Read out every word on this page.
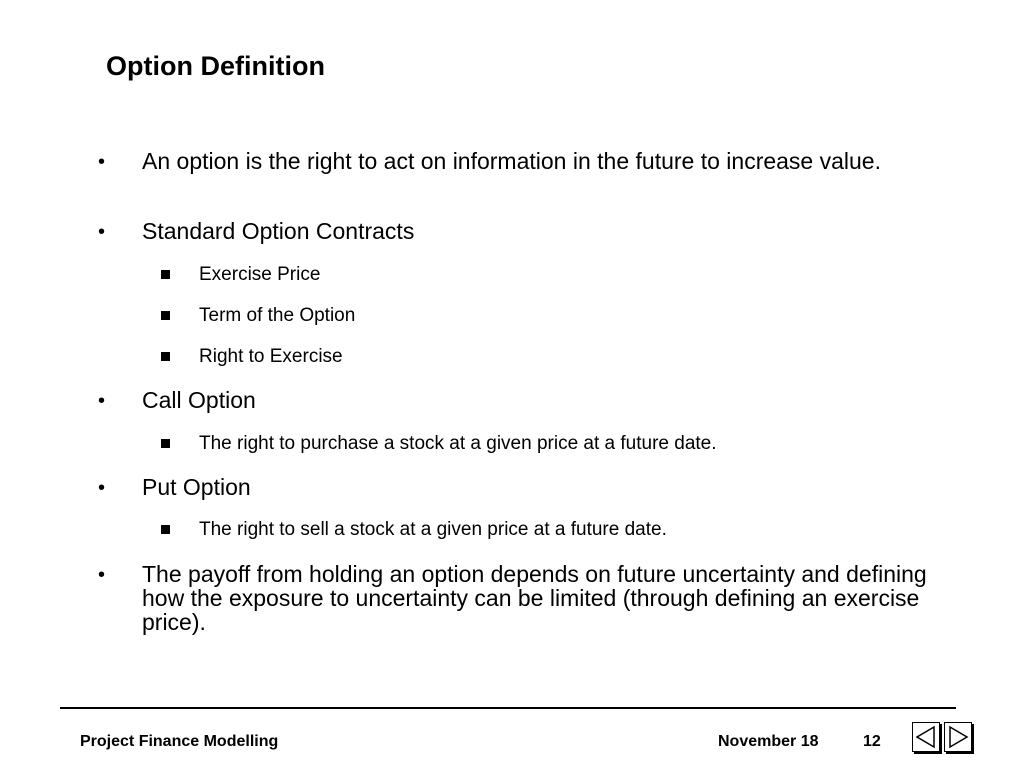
Option Definition
• An option is the right to act on information in the future to increase value.
• Standard Option Contracts
Exercise Price
Term of the Option
Right to Exercise
• Call Option
The right to purchase a stock at a given price at a future date.
• Put Option
The right to sell a stock at a given price at a future date.
• The payoff from holding an option depends on future uncertainty and defining how the exposure to uncertainty can be limited (through defining an exercise price).
Project Finance Modelling	November 18	12
